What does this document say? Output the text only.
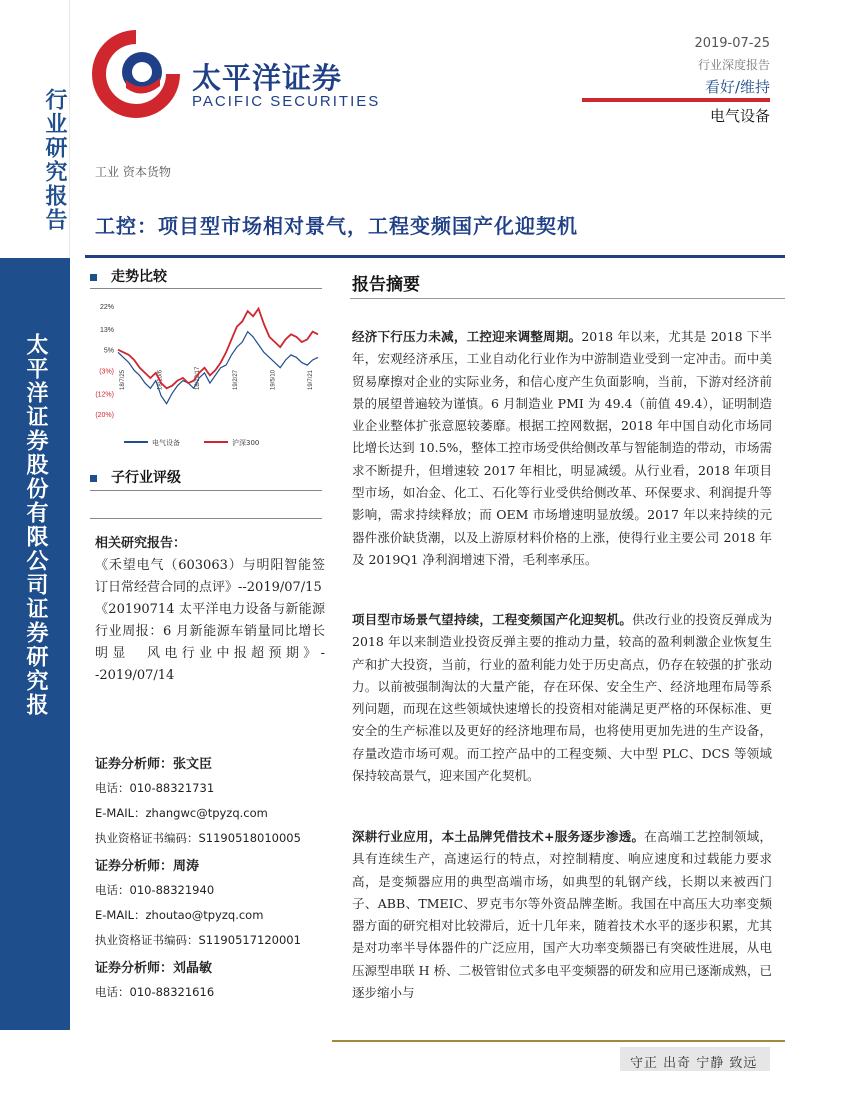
行业研究报告
太平洋证券股份有限公司证券研究报
太平洋证券
PACIFIC SECURITIES
2019-07-25
行业深度报告
看好/维持
电气设备
工业 资本货物
工控：项目型市场相对景气，工程变频国产化迎契机
走势比较
22%
13%
5%
(3%)
(12%)
(20%)
18/7/25	18/10/6	18/12/17	19/2/27	19/5/10	19/7/21
电气设备	沪深300
子行业评级
相关研究报告：

《禾望电气（603063）与明阳智能签订日常经营合同的点评》--2019/07/15

《20190714 太平洋电力设备与新能源行业周报：6 月新能源车销量同比增长明显　风电行业中报超预期》--2019/07/14

证券分析师：张文臣
电话：010-88321731
E-MAIL：zhangwc@tpyzq.com
执业资格证书编码：S1190518010005
证券分析师：周涛
电话：010-88321940
E-MAIL：zhoutao@tpyzq.com
执业资格证书编码：S1190517120001
证券分析师：刘晶敏
电话：010-88321616
报告摘要
经济下行压力未减，工控迎来调整周期。2018 年以来，尤其是 2018 下半年，宏观经济承压，工业自动化行业作为中游制造业受到一定冲击。而中美贸易摩擦对企业的实际业务，和信心度产生负面影响，当前，下游对经济前景的展望普遍较为谨慎。6 月制造业 PMI 为 49.4（前值 49.4），证明制造业企业整体扩张意愿较萎靡。根据工控网数据，2018 年中国自动化市场同比增长达到 10.5%，整体工控市场受供给侧改革与智能制造的带动，市场需求不断提升，但增速较 2017 年相比，明显减缓。从行业看，2018 年项目型市场，如冶金、化工、石化等行业受供给侧改革、环保要求、利润提升等影响，需求持续释放；而 OEM 市场增速明显放缓。2017 年以来持续的元器件涨价缺货潮，以及上游原材料价格的上涨，使得行业主要公司 2018 年及 2019Q1 净利润增速下滑，毛利率承压。
项目型市场景气望持续，工程变频国产化迎契机。供改行业的投资反弹成为 2018 年以来制造业投资反弹主要的推动力量，较高的盈利刺激企业恢复生产和扩大投资，当前，行业的盈利能力处于历史高点，仍存在较强的扩张动力。以前被强制淘汰的大量产能，存在环保、安全生产、经济地理布局等系列问题，而现在这些领域快速增长的投资相对能满足更严格的环保标准、更安全的生产标准以及更好的经济地理布局，也将使用更加先进的生产设备，存量改造市场可观。而工控产品中的工程变频、大中型 PLC、DCS 等领域保持较高景气，迎来国产化契机。
深耕行业应用，本土品牌凭借技术+服务逐步渗透。在高端工艺控制领域，具有连续生产，高速运行的特点，对控制精度、响应速度和过载能力要求高，是变频器应用的典型高端市场，如典型的轧钢产线，长期以来被西门子、ABB、TMEIC、罗克韦尔等外资品牌垄断。我国在中高压大功率变频器方面的研究相对比较滞后，近十几年来，随着技术水平的逐步积累，尤其是对功率半导体器件的广泛应用，国产大功率变频器已有突破性进展，从电压源型串联 H 桥、二极管钳位式多电平变频器的研发和应用已逐渐成熟，已逐步缩小与
守正 出奇 宁静 致远
